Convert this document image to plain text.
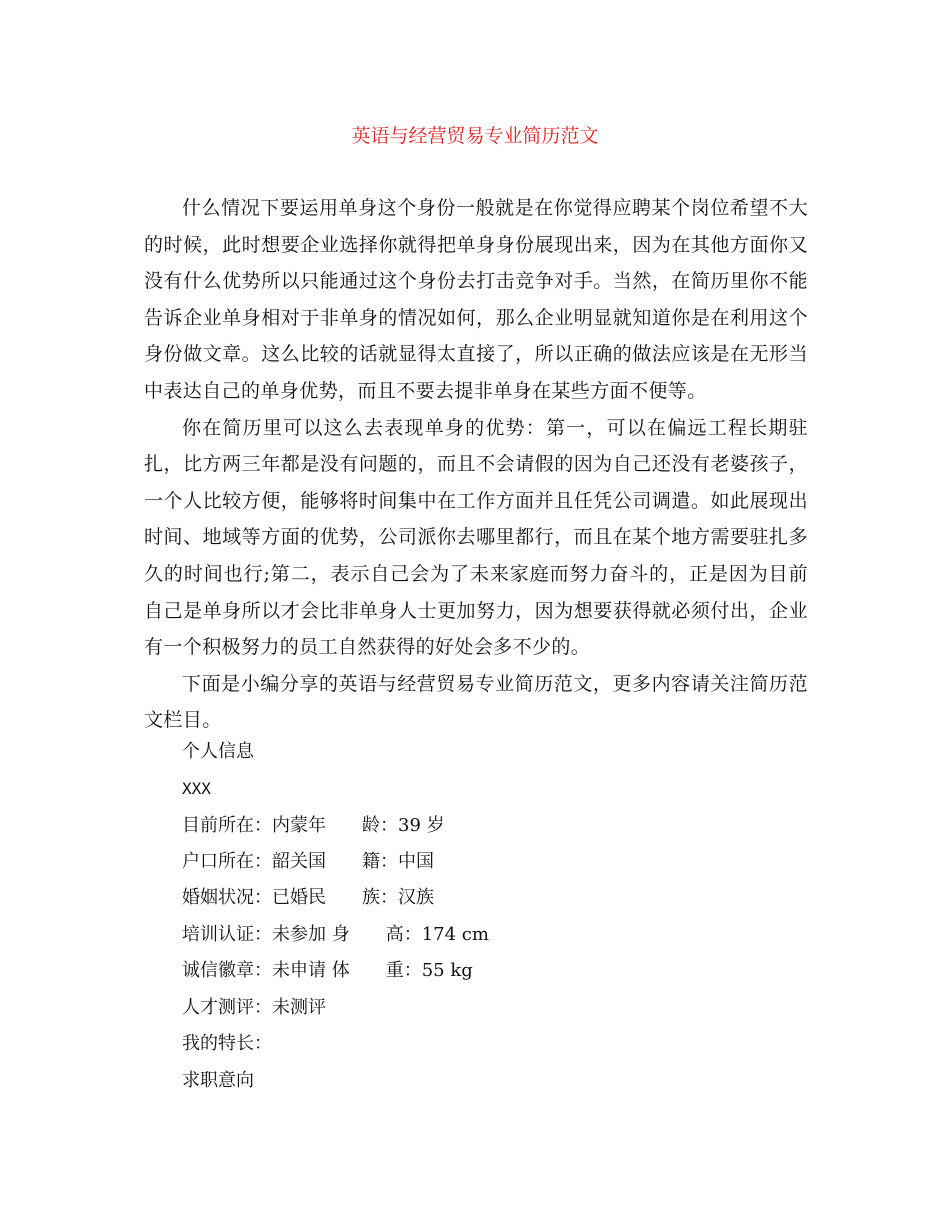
英语与经营贸易专业简历范文

什么情况下要运用单身这个身份一般就是在你觉得应聘某个岗位希望不大的时候，此时想要企业选择你就得把单身身份展现出来，因为在其他方面你又没有什么优势所以只能通过这个身份去打击竞争对手。当然，在简历里你不能告诉企业单身相对于非单身的情况如何，那么企业明显就知道你是在利用这个身份做文章。这么比较的话就显得太直接了，所以正确的做法应该是在无形当中表达自己的单身优势，而且不要去提非单身在某些方面不便等。

你在简历里可以这么去表现单身的优势：第一，可以在偏远工程长期驻扎，比方两三年都是没有问题的，而且不会请假的因为自己还没有老婆孩子，一个人比较方便，能够将时间集中在工作方面并且任凭公司调遣。如此展现出时间、地域等方面的优势，公司派你去哪里都行，而且在某个地方需要驻扎多久的时间也行;第二，表示自己会为了未来家庭而努力奋斗的，正是因为目前自己是单身所以才会比非单身人士更加努力，因为想要获得就必须付出，企业有一个积极努力的员工自然获得的好处会多不少的。

下面是小编分享的英语与经营贸易专业简历范文，更多内容请关注简历范文栏目。

个人信息
XXX
目前所在：内蒙年　　龄：39 岁
户口所在：韶关国　　籍：中国
婚姻状况：已婚民　　族：汉族
培训认证：未参加 身　　高：174 cm
诚信徽章：未申请 体　　重：55 kg
人才测评：未测评
我的特长：
求职意向
